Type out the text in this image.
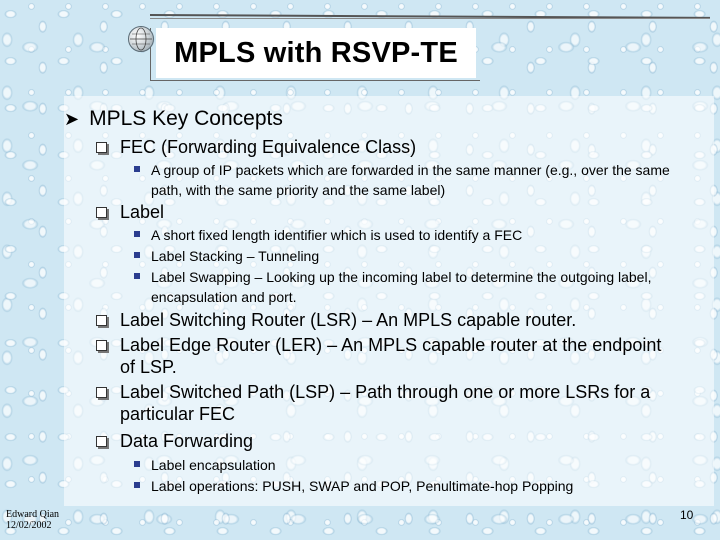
MPLS with RSVP-TE
➤ MPLS Key Concepts
FEC (Forwarding Equivalence Class)
A group of IP packets which are forwarded in the same manner (e.g., over the same path, with the same priority and the same label)
Label
A short fixed length identifier which is used to identify a FEC
Label Stacking – Tunneling
Label Swapping – Looking up the incoming label to determine the outgoing label, encapsulation and port.
Label Switching Router (LSR) – An MPLS capable router.
Label Edge Router (LER) – An MPLS capable router at the endpoint of LSP.
Label Switched Path (LSP) – Path through one or more LSRs for a particular FEC
Data Forwarding
Label encapsulation
Label operations: PUSH, SWAP and POP, Penultimate-hop Popping
Edward Qian
12/02/2002
10
